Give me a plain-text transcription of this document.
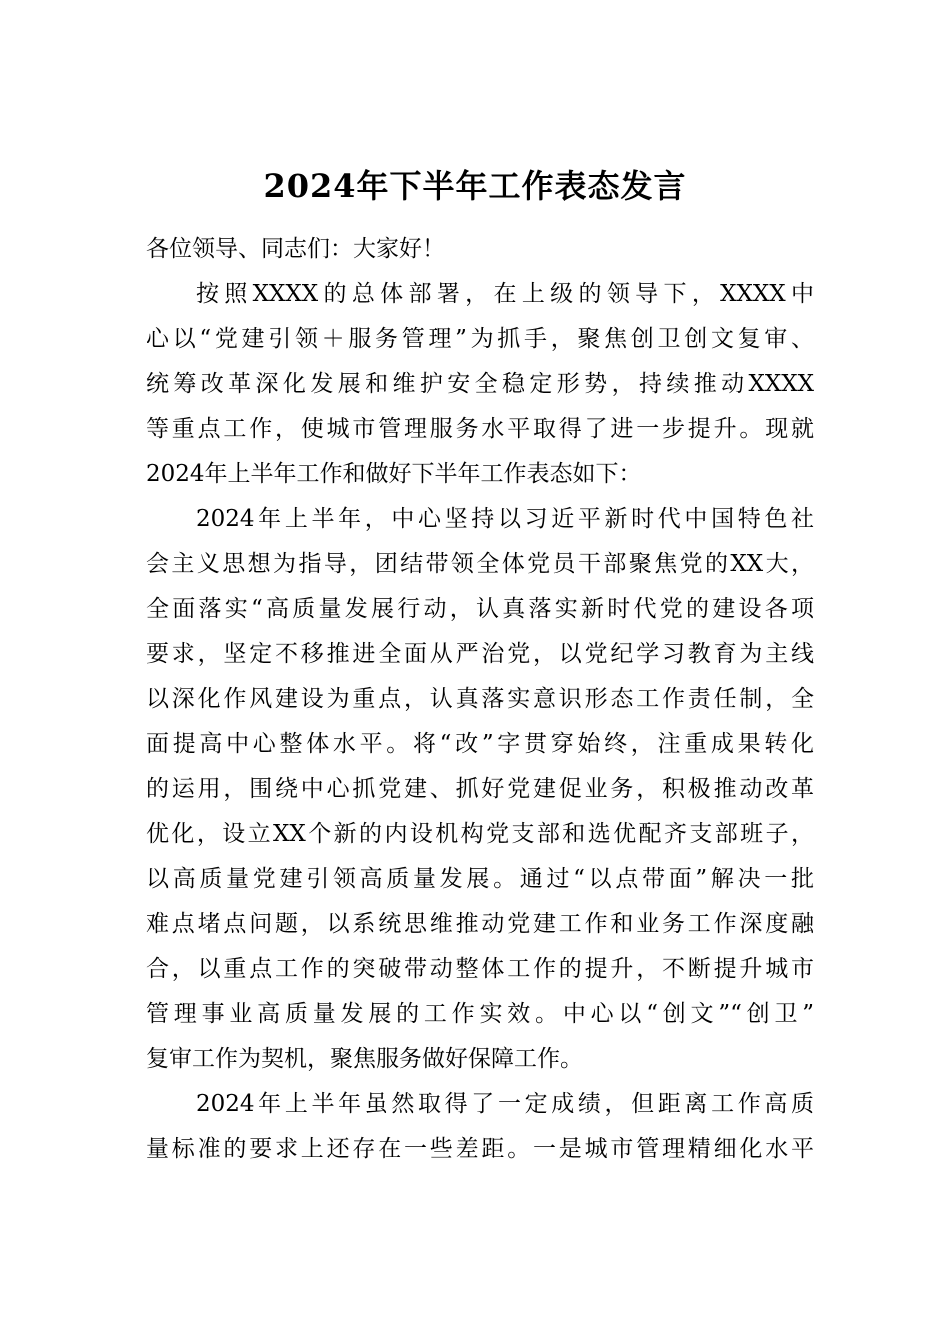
2024年下半年工作表态发言
各位领导、同志们：大家好！
按照XXXX的总体部署，在上级的领导下，XXXX中
心以“党建引领＋服务管理”为抓手，聚焦创卫创文复审、
统筹改革深化发展和维护安全稳定形势，持续推动XXXX
等重点工作，使城市管理服务水平取得了进一步提升。现就
2024年上半年工作和做好下半年工作表态如下：
2024年上半年，中心坚持以习近平新时代中国特色社
会主义思想为指导，团结带领全体党员干部聚焦党的XX大，
全面落实“高质量发展行动，认真落实新时代党的建设各项
要求，坚定不移推进全面从严治党，以党纪学习教育为主线
以深化作风建设为重点，认真落实意识形态工作责任制，全
面提高中心整体水平。将“改”字贯穿始终，注重成果转化
的运用，围绕中心抓党建、抓好党建促业务，积极推动改革
优化，设立XX个新的内设机构党支部和选优配齐支部班子，
以高质量党建引领高质量发展。通过“以点带面”解决一批
难点堵点问题，以系统思维推动党建工作和业务工作深度融
合，以重点工作的突破带动整体工作的提升，不断提升城市
管理事业高质量发展的工作实效。中心以“创文”“创卫”
复审工作为契机，聚焦服务做好保障工作。
2024年上半年虽然取得了一定成绩，但距离工作高质
量标准的要求上还存在一些差距。一是城市管理精细化水平
